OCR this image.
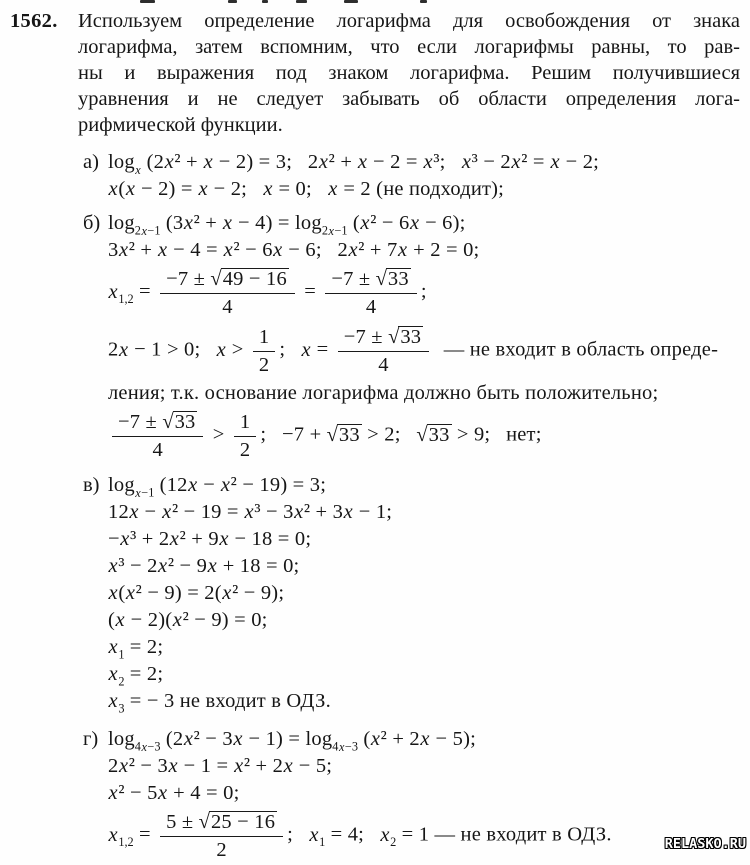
1562. Используем определение логарифма для освобождения от знака
логарифма, затем вспомним, что если логарифмы равны, то рав-
ны и выражения под знаком логарифма. Решим получившиеся
уравнения и не следует забывать об области определения лога-
рифмической функции.
а) $\log_x (2x^2 + x - 2) = 3$;  2x² + x − 2 = x³;  x³ − 2x² = x − 2;
x(x − 2) = x − 2;  x = 0;  x = 2 (не подходит);
б) $\log_{2x-1} (3x^2 + x - 4) = \log_{2x-1} (x^2 - 6x - 6)$;
3x² + x − 4 = x² − 6x − 6;  2x² + 7x + 2 = 0;
$x_{1,2} = \frac{-7 \pm √49 - 16}{4} = \frac{-7 \pm √33}{4}$ ;
2x − 1 > 0;  $x > \frac{1}{2}$ ;  $x = \frac{-7 \pm √33}{4}$  — не входит в область опреде-
ления; т.к. основание логарифма должно быть положительно;
$\frac{-7 \pm √33}{4} > \frac{1}{2}$ ;  −7 + √33 > 2;  √33 > 9;  нет;
в) $\log_{x-1} (12x - x^2 - 19) = 3$;
12x − x² − 19 = x³ − 3x² + 3x − 1;
−x³ + 2x² + 9x − 18 = 0;
x³ − 2x² − 9x + 18 = 0;
x(x² − 9) = 2(x² − 9);
(x − 2)(x² − 9) = 0;
$x_1 = 2$;
$x_2 = 2$;
$x_3$ = − 3 не входит в ОДЗ.
г) $\log_{4x-3} (2x^2 - 3x - 1) = \log_{4x-3} (x^2 + 2x - 5)$;
2x² − 3x − 1 = x² + 2x − 5;
x² − 5x + 4 = 0;
$x_{1,2} = \frac{5 \pm √25 - 16}{2}$ ;  $x_1 = 4$;  $x_2 = 1$ — не входит в ОДЗ.	RELASKO.RU
